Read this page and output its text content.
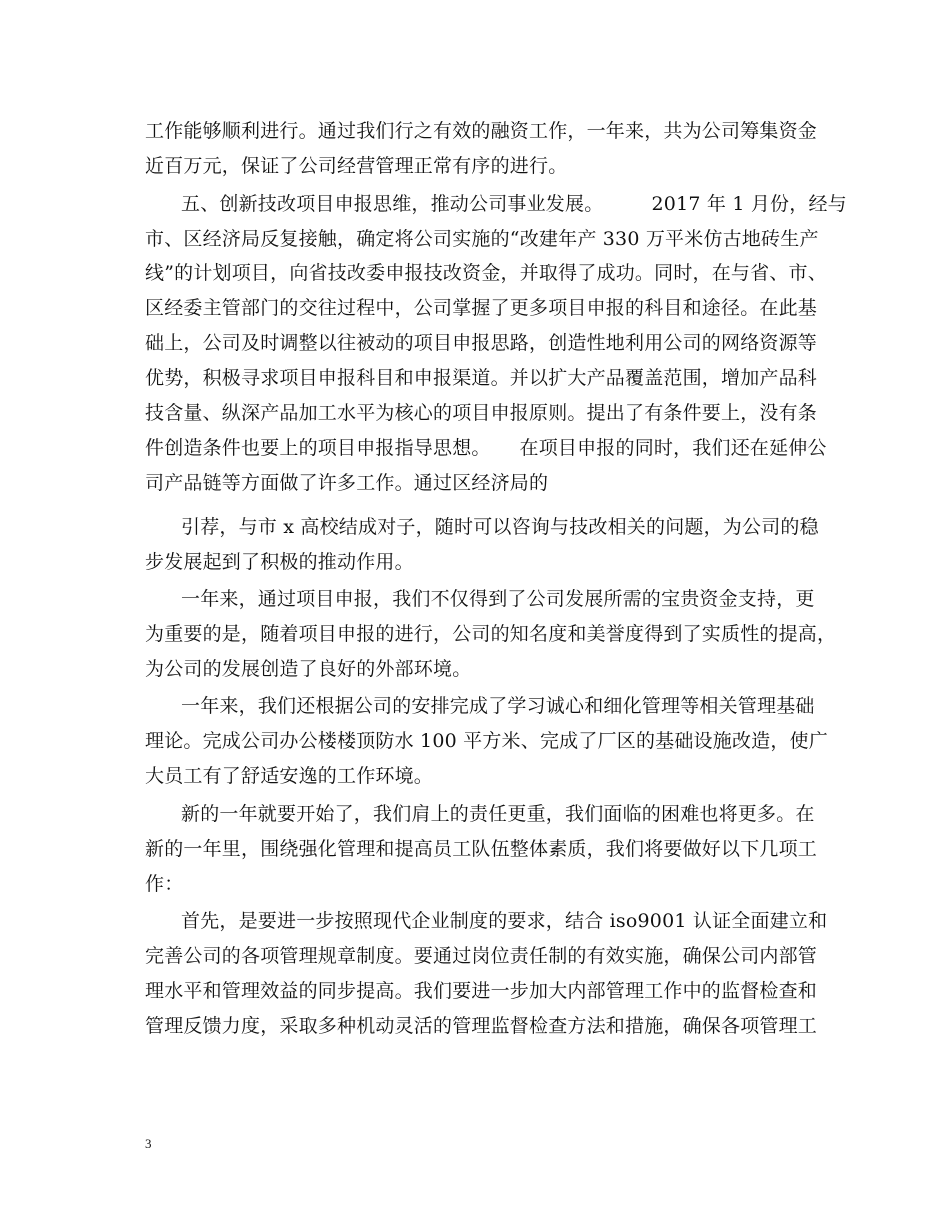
工作能够顺利进行。通过我们行之有效的融资工作，一年来，共为公司筹集资金
近百万元，保证了公司经营管理正常有序的进行。
五、创新技改项目申报思维，推动公司事业发展。　　　2017 年 1 月份，经与
市、区经济局反复接触，确定将公司实施的“改建年产 330 万平米仿古地砖生产
线”的计划项目，向省技改委申报技改资金，并取得了成功。同时，在与省、市、
区经委主管部门的交往过程中，公司掌握了更多项目申报的科目和途径。在此基
础上，公司及时调整以往被动的项目申报思路，创造性地利用公司的网络资源等
优势，积极寻求项目申报科目和申报渠道。并以扩大产品覆盖范围，增加产品科
技含量、纵深产品加工水平为核心的项目申报原则。提出了有条件要上，没有条
件创造条件也要上的项目申报指导思想。　　在项目申报的同时，我们还在延伸公
司产品链等方面做了许多工作。通过区经济局的
引荐，与市 x 高校结成对子，随时可以咨询与技改相关的问题，为公司的稳
步发展起到了积极的推动作用。
一年来，通过项目申报，我们不仅得到了公司发展所需的宝贵资金支持，更
为重要的是，随着项目申报的进行，公司的知名度和美誉度得到了实质性的提高，
为公司的发展创造了良好的外部环境。
一年来，我们还根据公司的安排完成了学习诚心和细化管理等相关管理基础
理论。完成公司办公楼楼顶防水 100 平方米、完成了厂区的基础设施改造，使广
大员工有了舒适安逸的工作环境。
新的一年就要开始了，我们肩上的责任更重，我们面临的困难也将更多。在
新的一年里，围绕强化管理和提高员工队伍整体素质，我们将要做好以下几项工
作：
首先，是要进一步按照现代企业制度的要求，结合 iso9001 认证全面建立和
完善公司的各项管理规章制度。要通过岗位责任制的有效实施，确保公司内部管
理水平和管理效益的同步提高。我们要进一步加大内部管理工作中的监督检查和
管理反馈力度，采取多种机动灵活的管理监督检查方法和措施，确保各项管理工
3
